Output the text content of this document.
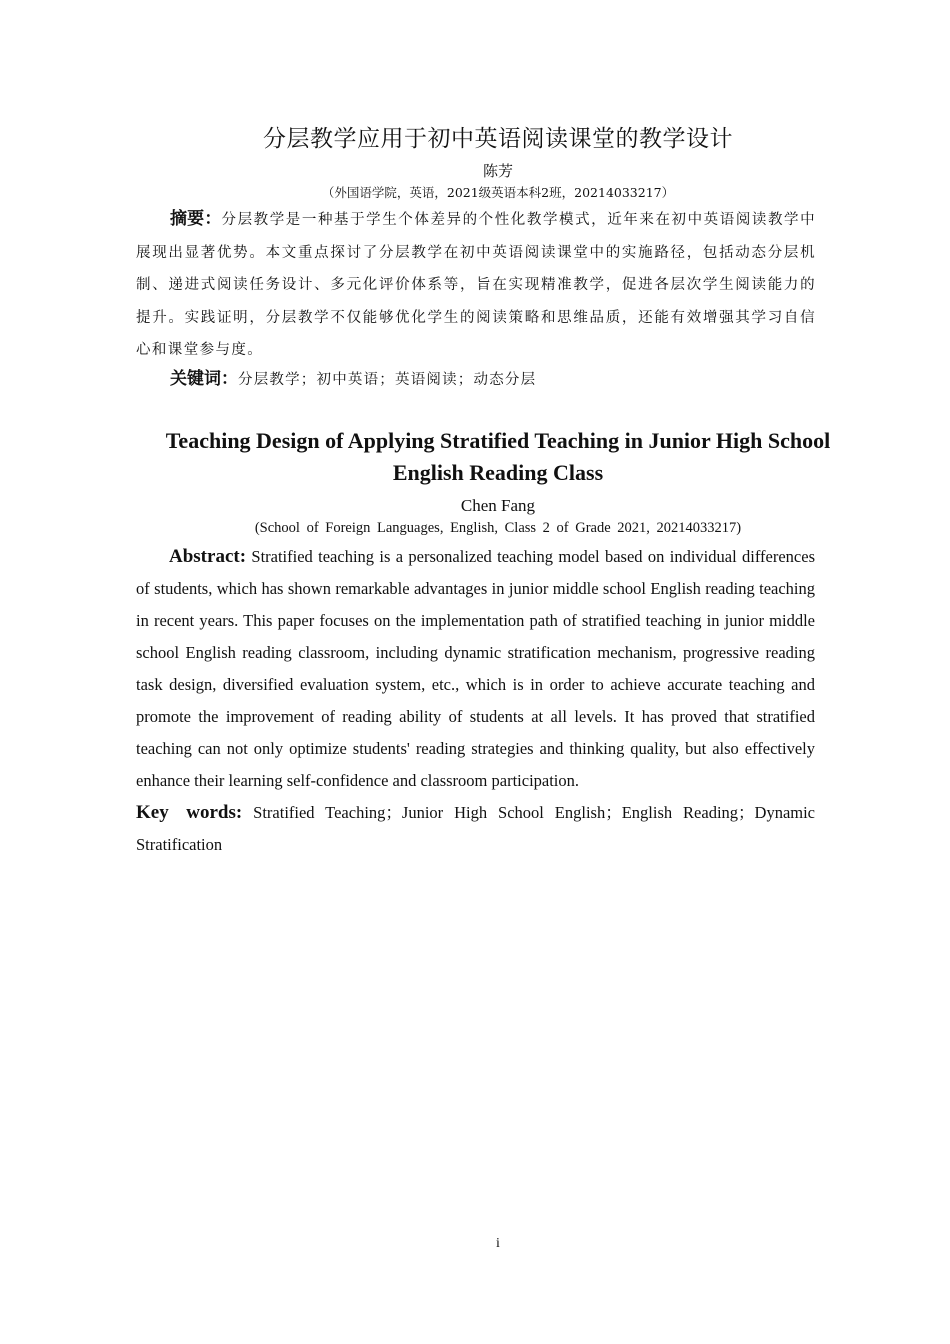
分层教学应用于初中英语阅读课堂的教学设计
陈芳
（外国语学院，英语，2021级英语本科2班，20214033217）
摘要：分层教学是一种基于学生个体差异的个性化教学模式，近年来在初中英语阅读教学中展现出显著优势。本文重点探讨了分层教学在初中英语阅读课堂中的实施路径，包括动态分层机制、递进式阅读任务设计、多元化评价体系等，旨在实现精准教学，促进各层次学生阅读能力的提升。实践证明，分层教学不仅能够优化学生的阅读策略和思维品质，还能有效增强其学习自信心和课堂参与度。
关键词：分层教学；初中英语；英语阅读；动态分层
Teaching Design of Applying Stratified Teaching in Junior High School English Reading Class
Chen Fang
(School of Foreign Languages, English, Class 2 of Grade 2021, 20214033217)
Abstract: Stratified teaching is a personalized teaching model based on individual differences of students, which has shown remarkable advantages in junior middle school English reading teaching in recent years. This paper focuses on the implementation path of stratified teaching in junior middle school English reading classroom, including dynamic stratification mechanism, progressive reading task design, diversified evaluation system, etc., which is in order to achieve accurate teaching and promote the improvement of reading ability of students at all levels. It has proved that stratified teaching can not only optimize students' reading strategies and thinking quality, but also effectively enhance their learning self-confidence and classroom participation.
Key words: Stratified Teaching；Junior High School English；English Reading；Dynamic Stratification
i
